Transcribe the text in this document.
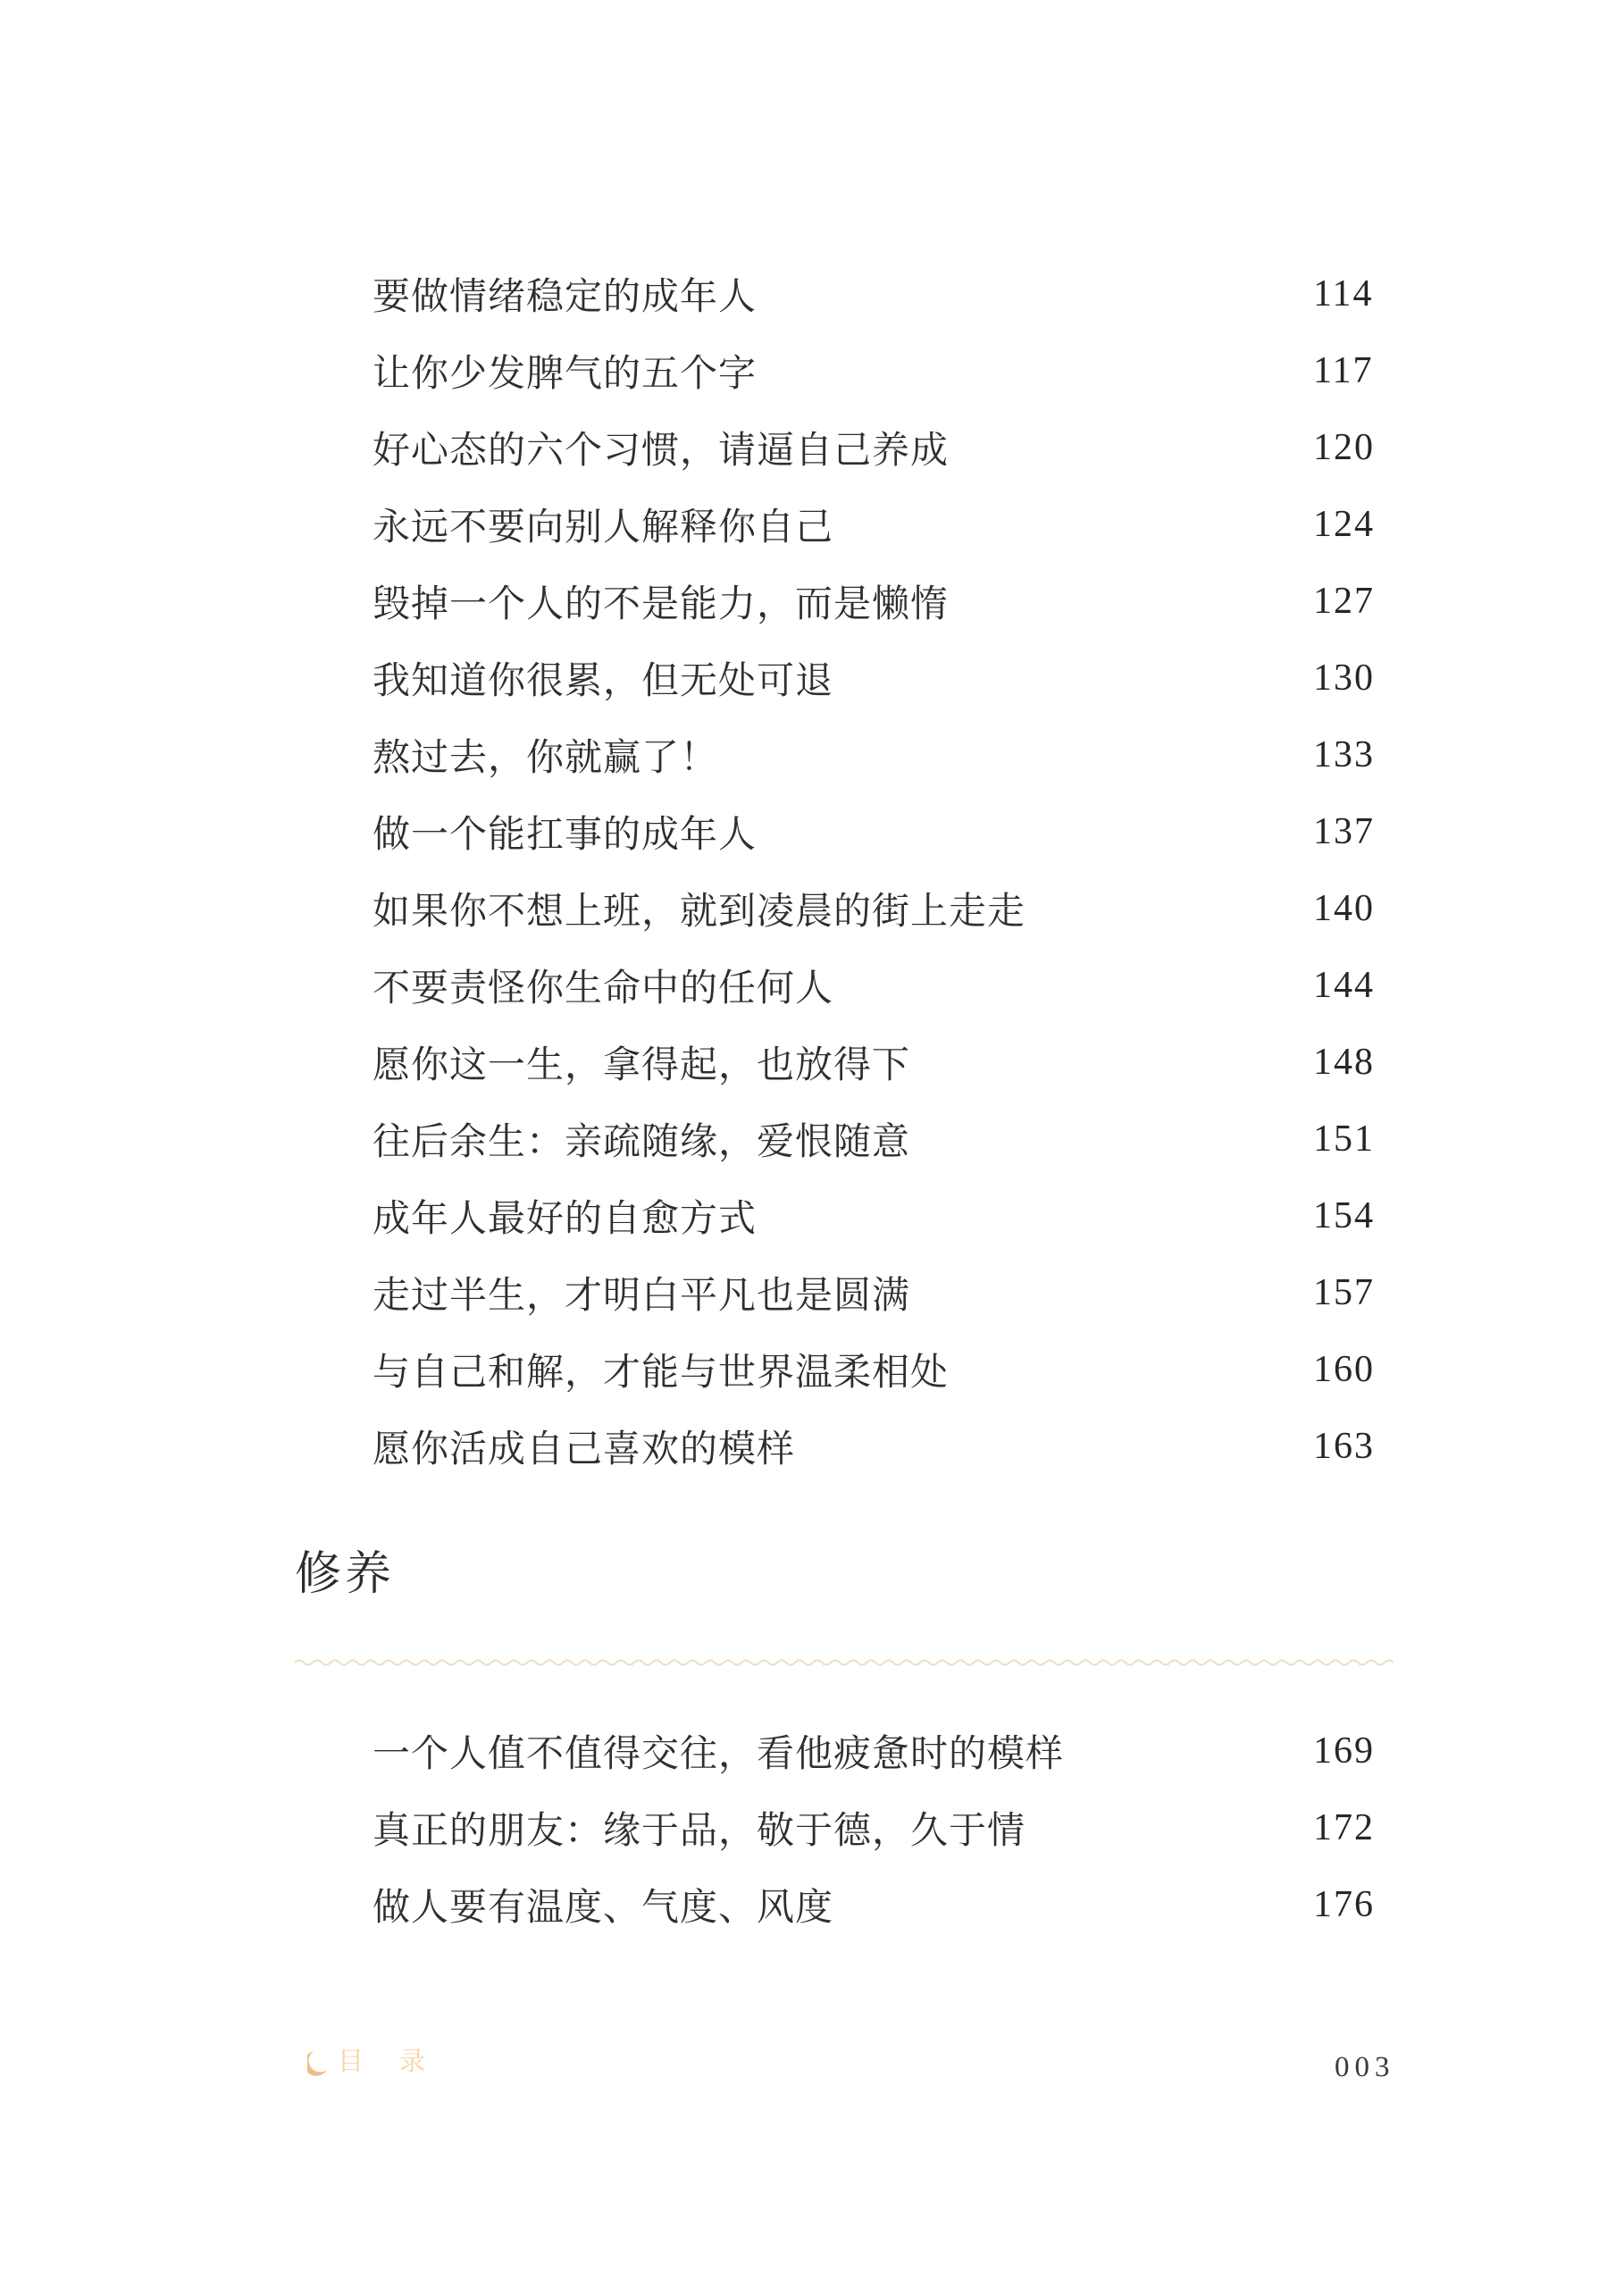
要做情绪稳定的成年人	114
让你少发脾气的五个字	117
好心态的六个习惯，请逼自己养成	120
永远不要向别人解释你自己	124
毁掉一个人的不是能力，而是懒惰	127
我知道你很累，但无处可退	130
熬过去，你就赢了！	133
做一个能扛事的成年人	137
如果你不想上班，就到凌晨的街上走走	140
不要责怪你生命中的任何人	144
愿你这一生，拿得起，也放得下	148
往后余生：亲疏随缘，爱恨随意	151
成年人最好的自愈方式	154
走过半生，才明白平凡也是圆满	157
与自己和解，才能与世界温柔相处	160
愿你活成自己喜欢的模样	163
修养
一个人值不值得交往，看他疲惫时的模样	169
真正的朋友：缘于品，敬于德，久于情	172
做人要有温度、气度、风度	176
目 录	003
